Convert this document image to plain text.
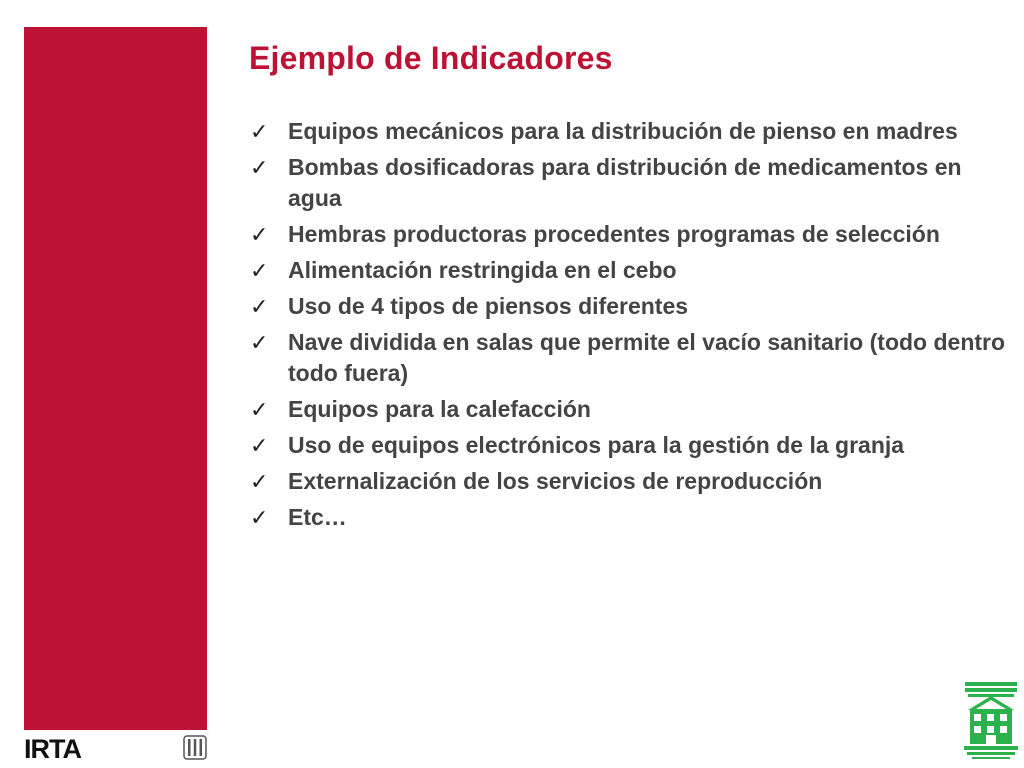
Ejemplo de Indicadores
✓ Equipos mecánicos para la distribución de pienso en madres
✓ Bombas dosificadoras para distribución de medicamentos en agua
✓ Hembras productoras procedentes programas de selección
✓ Alimentación restringida en el cebo
✓ Uso de 4 tipos de piensos diferentes
✓ Nave dividida en salas que permite el vacío sanitario (todo dentro todo fuera)
✓ Equipos para la calefacción
✓ Uso de equipos electrónicos para la gestión de la granja
✓ Externalización de los servicios de reproducción
✓ Etc…
IRTA
